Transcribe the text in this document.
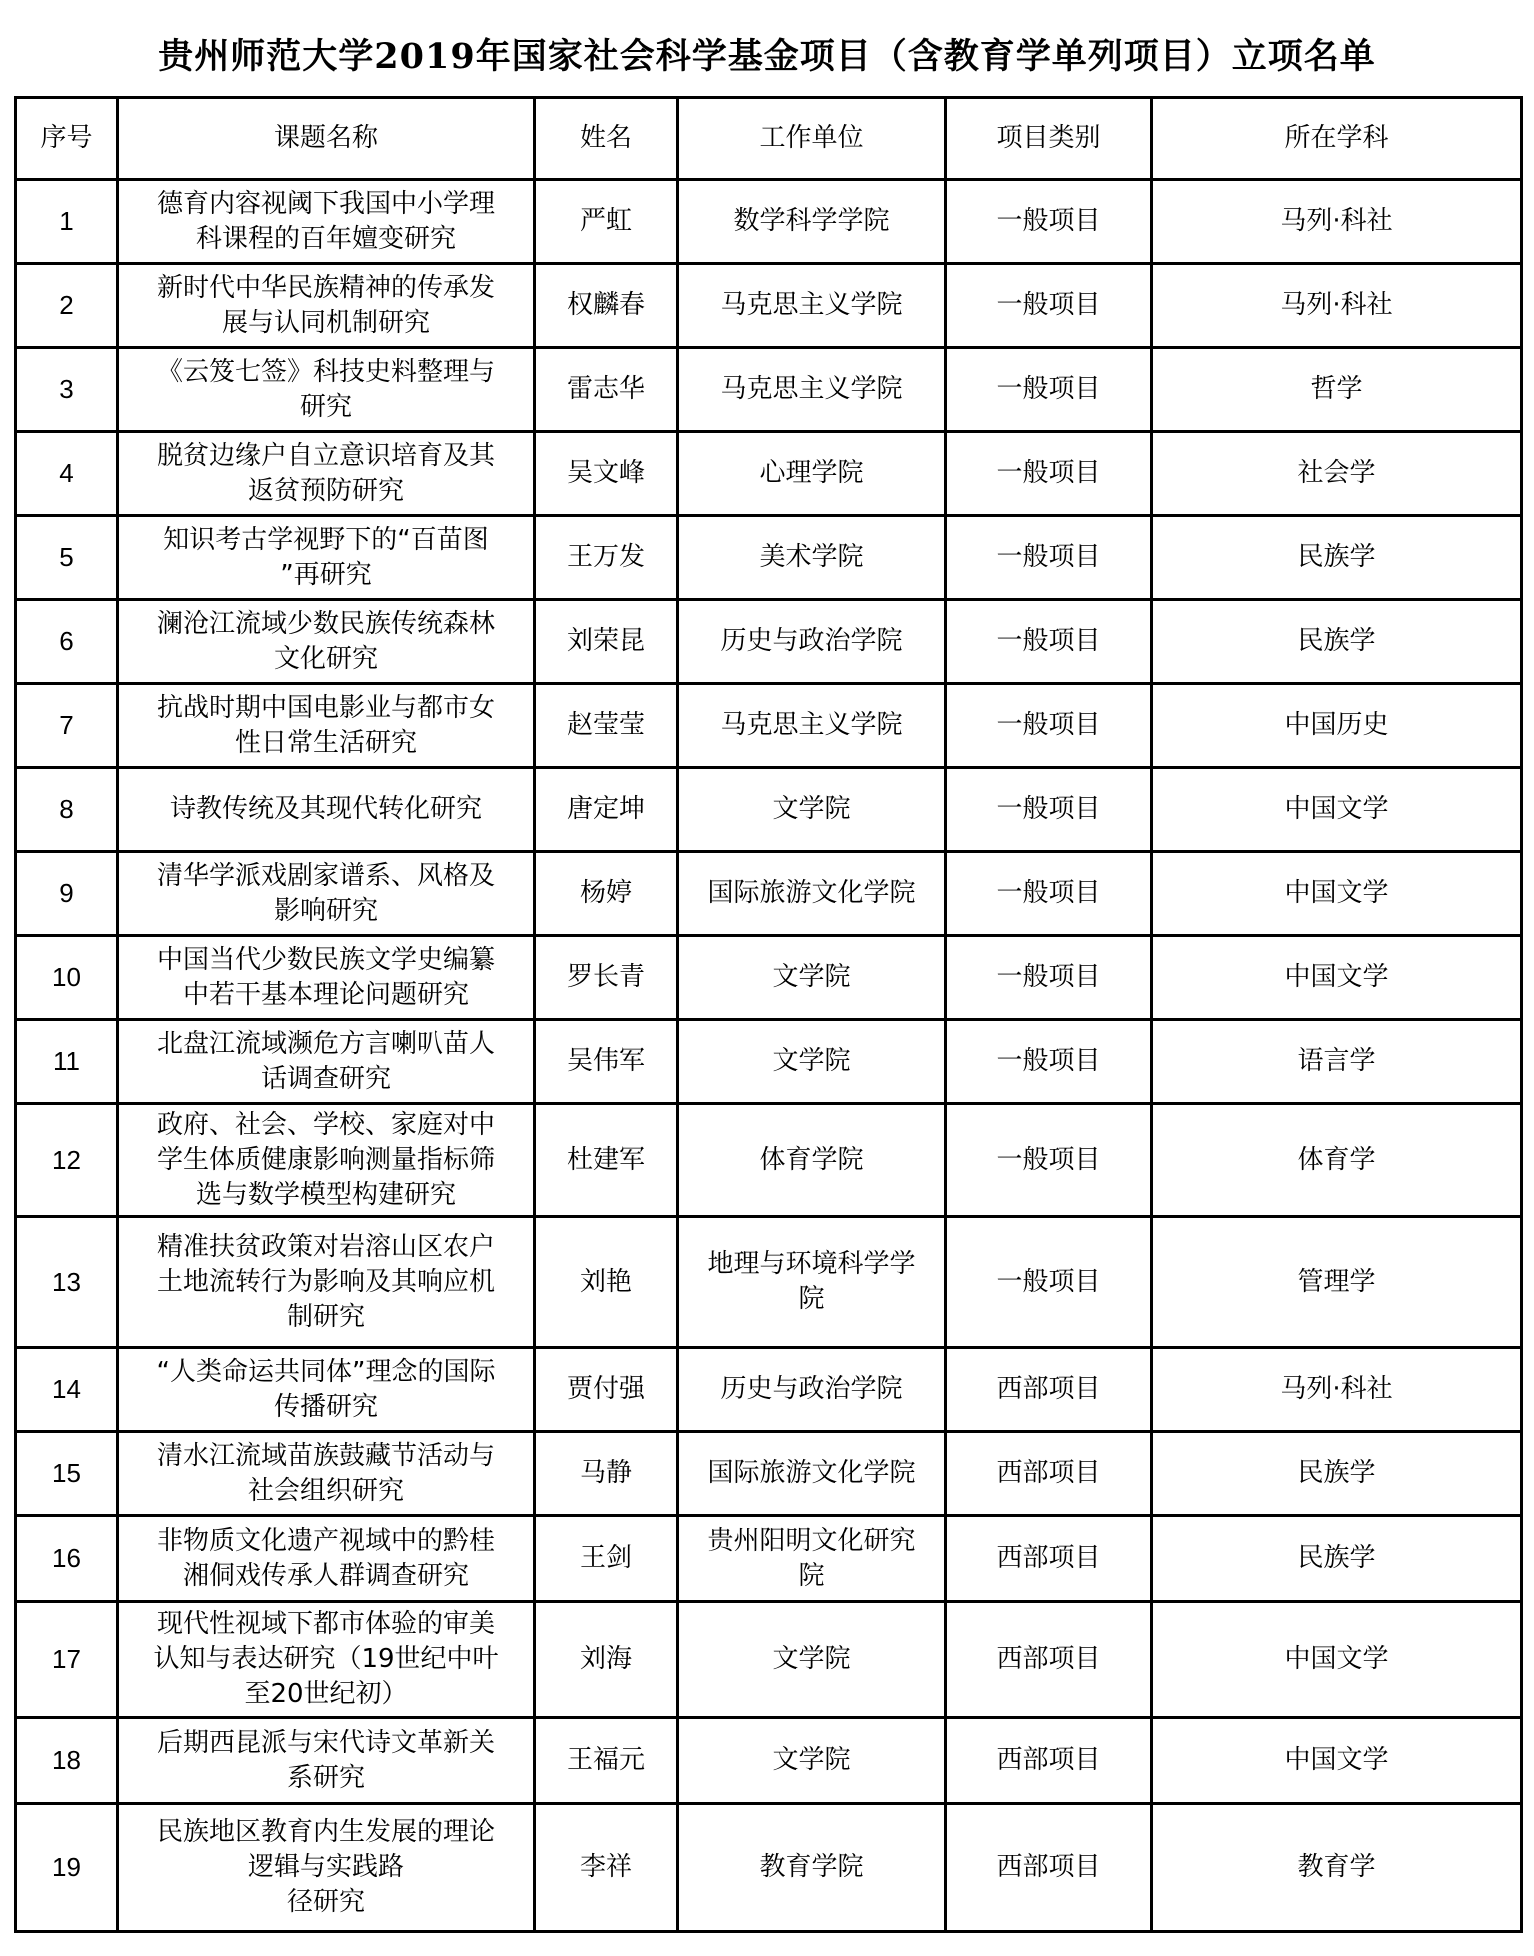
贵州师范大学2019年国家社会科学基金项目（含教育学单列项目）立项名单
序号	课题名称	姓名	工作单位	项目类别	所在学科
1	德育内容视阈下我国中小学理
科课程的百年嬗变研究	严虹	数学科学学院	一般项目	马列·科社
2	新时代中华民族精神的传承发
展与认同机制研究	权麟春	马克思主义学院	一般项目	马列·科社
3	《云笈七签》科技史料整理与
研究	雷志华	马克思主义学院	一般项目	哲学
4	脱贫边缘户自立意识培育及其
返贫预防研究	吴文峰	心理学院	一般项目	社会学
5	知识考古学视野下的“百苗图
”再研究	王万发	美术学院	一般项目	民族学
6	澜沧江流域少数民族传统森林
文化研究	刘荣昆	历史与政治学院	一般项目	民族学
7	抗战时期中国电影业与都市女
性日常生活研究	赵莹莹	马克思主义学院	一般项目	中国历史
8	诗教传统及其现代转化研究	唐定坤	文学院	一般项目	中国文学
9	清华学派戏剧家谱系、风格及
影响研究	杨婷	国际旅游文化学院	一般项目	中国文学
10	中国当代少数民族文学史编纂
中若干基本理论问题研究	罗长青	文学院	一般项目	中国文学
11	北盘江流域濒危方言喇叭苗人
话调查研究	吴伟军	文学院	一般项目	语言学
12	政府、社会、学校、家庭对中
学生体质健康影响测量指标筛
选与数学模型构建研究	杜建军	体育学院	一般项目	体育学
13	精准扶贫政策对岩溶山区农户
土地流转行为影响及其响应机
制研究	刘艳	地理与环境科学学
院	一般项目	管理学
14	“人类命运共同体”理念的国际
传播研究	贾付强	历史与政治学院	西部项目	马列·科社
15	清水江流域苗族鼓藏节活动与
社会组织研究	马静	国际旅游文化学院	西部项目	民族学
16	非物质文化遗产视域中的黔桂
湘侗戏传承人群调查研究	王剑	贵州阳明文化研究
院	西部项目	民族学
17	现代性视域下都市体验的审美
认知与表达研究（19世纪中叶
至20世纪初）	刘海	文学院	西部项目	中国文学
18	后期西昆派与宋代诗文革新关
系研究	王福元	文学院	西部项目	中国文学
19	民族地区教育内生发展的理论
逻辑与实践路
径研究	李祥	教育学院	西部项目	教育学
